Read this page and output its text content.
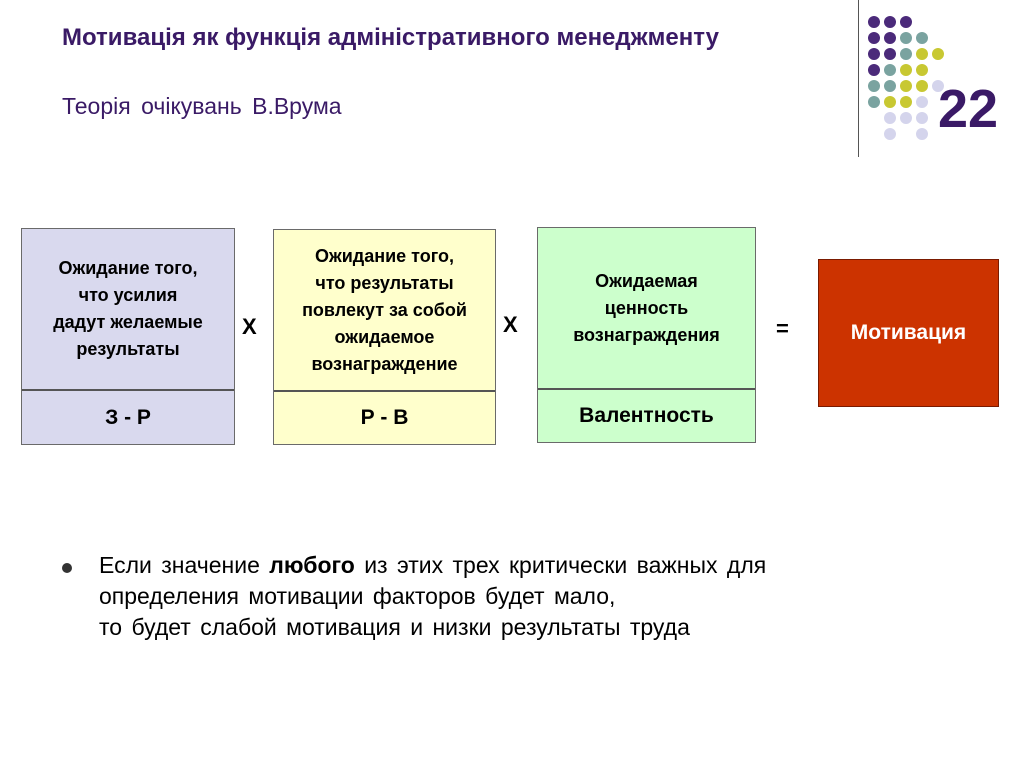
Мотивація як функція адміністративного менеджменту
Теорія очікувань В.Врума	22
Ожидание того,
что усилия
дадут желаемые
результаты
З - Р
Х
Ожидание того,
что результаты
повлекут за собой
ожидаемое
вознаграждение
Р - В
Х
Ожидаемая
ценность
вознаграждения
Валентность
=	Мотивация
Если значение любого из этих трех критически важных для
определения мотивации факторов будет мало,
то будет слабой мотивация и низки результаты труда
